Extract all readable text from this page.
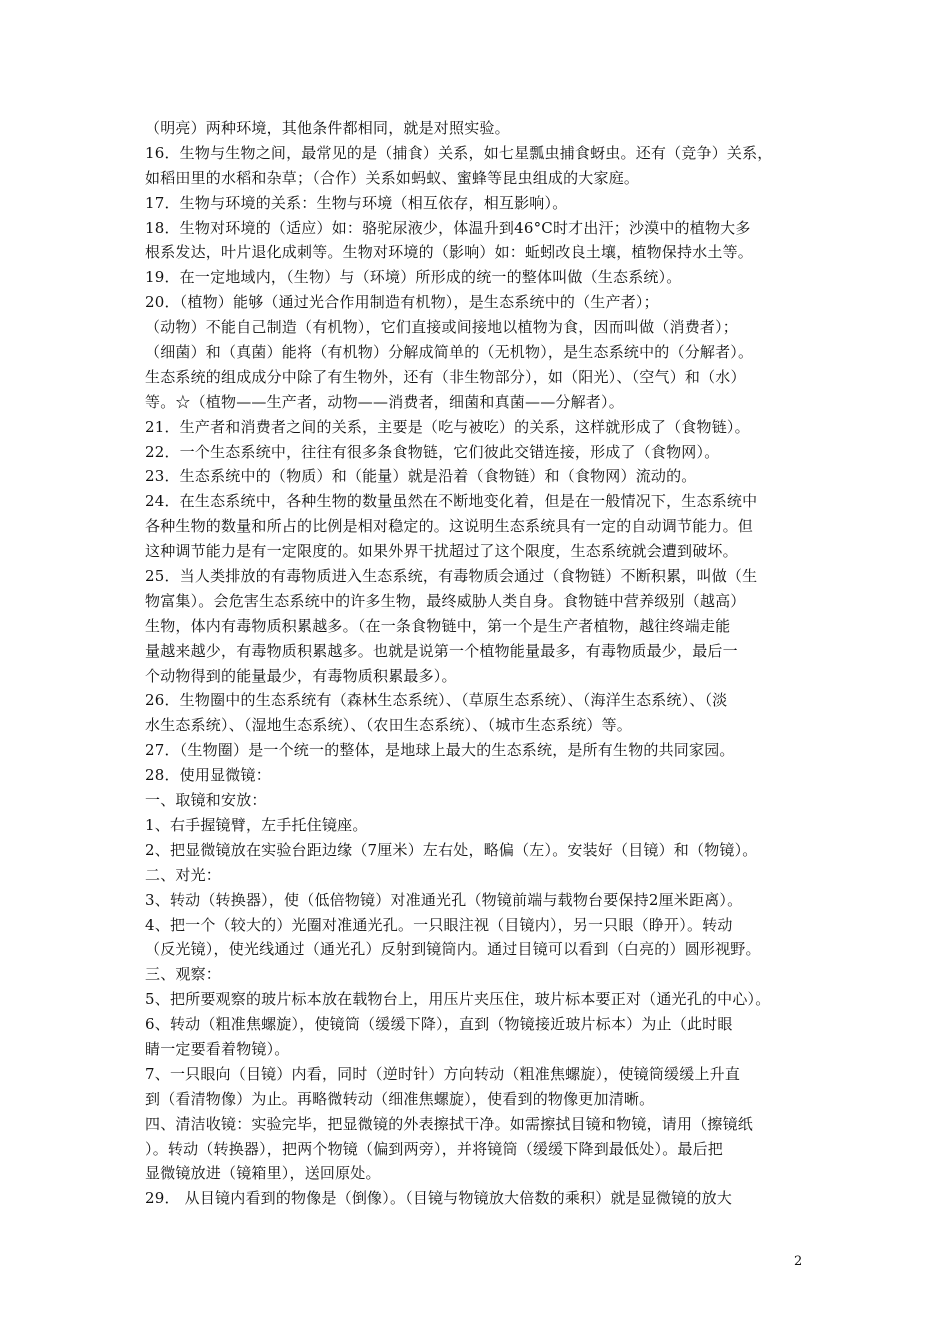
（明亮）两种环境，其他条件都相同，就是对照实验。
16．生物与生物之间，最常见的是（捕食）关系，如七星瓢虫捕食蚜虫。还有（竞争）关系，
如稻田里的水稻和杂草；（合作）关系如蚂蚁、蜜蜂等昆虫组成的大家庭。
17．生物与环境的关系：生物与环境（相互依存，相互影响）。
18．生物对环境的（适应）如：骆驼尿液少，体温升到46°C时才出汗；沙漠中的植物大多
根系发达，叶片退化成刺等。生物对环境的（影响）如：蚯蚓改良土壤，植物保持水土等。
19．在一定地域内，（生物）与（环境）所形成的统一的整体叫做（生态系统）。
20．（植物）能够（通过光合作用制造有机物），是生态系统中的（生产者）；
（动物）不能自己制造（有机物），它们直接或间接地以植物为食，因而叫做（消费者）；
（细菌）和（真菌）能将（有机物）分解成简单的（无机物），是生态系统中的（分解者）。
生态系统的组成成分中除了有生物外，还有（非生物部分），如（阳光）、（空气）和（水）
等。☆（植物——生产者，动物——消费者，细菌和真菌——分解者）。
21．生产者和消费者之间的关系，主要是（吃与被吃）的关系，这样就形成了（食物链）。
22．一个生态系统中，往往有很多条食物链，它们彼此交错连接，形成了（食物网）。
23．生态系统中的（物质）和（能量）就是沿着（食物链）和（食物网）流动的。
24．在生态系统中，各种生物的数量虽然在不断地变化着，但是在一般情况下，生态系统中
各种生物的数量和所占的比例是相对稳定的。这说明生态系统具有一定的自动调节能力。但
这种调节能力是有一定限度的。如果外界干扰超过了这个限度，生态系统就会遭到破坏。
25．当人类排放的有毒物质进入生态系统，有毒物质会通过（食物链）不断积累，叫做（生
物富集）。会危害生态系统中的许多生物，最终威胁人类自身。食物链中营养级别（越高）
生物，体内有毒物质积累越多。（在一条食物链中，第一个是生产者植物，越往终端走能
量越来越少，有毒物质积累越多。也就是说第一个植物能量最多，有毒物质最少，最后一
个动物得到的能量最少，有毒物质积累最多）。
26．生物圈中的生态系统有（森林生态系统）、（草原生态系统）、（海洋生态系统）、（淡
水生态系统）、（湿地生态系统）、（农田生态系统）、（城市生态系统）等。
27．（生物圈）是一个统一的整体，是地球上最大的生态系统，是所有生物的共同家园。
28．使用显微镜：
一、取镜和安放：
1、右手握镜臂，左手托住镜座。
2、把显微镜放在实验台距边缘（7厘米）左右处，略偏（左）。安装好（目镜）和（物镜）。
二、对光：
3、转动（转换器），使（低倍物镜）对准通光孔（物镜前端与载物台要保持2厘米距离）。
4、把一个（较大的）光圈对准通光孔。一只眼注视（目镜内），另一只眼（睁开）。转动
（反光镜），使光线通过（通光孔）反射到镜筒内。通过目镜可以看到（白亮的）圆形视野。
三、观察：
5、把所要观察的玻片标本放在载物台上，用压片夹压住，玻片标本要正对（通光孔的中心）。
6、转动（粗准焦螺旋），使镜筒（缓缓下降），直到（物镜接近玻片标本）为止（此时眼
睛一定要看着物镜）。
7、一只眼向（目镜）内看，同时（逆时针）方向转动（粗准焦螺旋），使镜筒缓缓上升直
到（看清物像）为止。再略微转动（细准焦螺旋），使看到的物像更加清晰。
四、清洁收镜：实验完毕，把显微镜的外表擦拭干净。如需擦拭目镜和物镜，请用（擦镜纸
）。转动（转换器），把两个物镜（偏到两旁），并将镜筒（缓缓下降到最低处）。最后把
显微镜放进（镜箱里），送回原处。
29． 从目镜内看到的物像是（倒像）。（目镜与物镜放大倍数的乘积）就是显微镜的放大
2
